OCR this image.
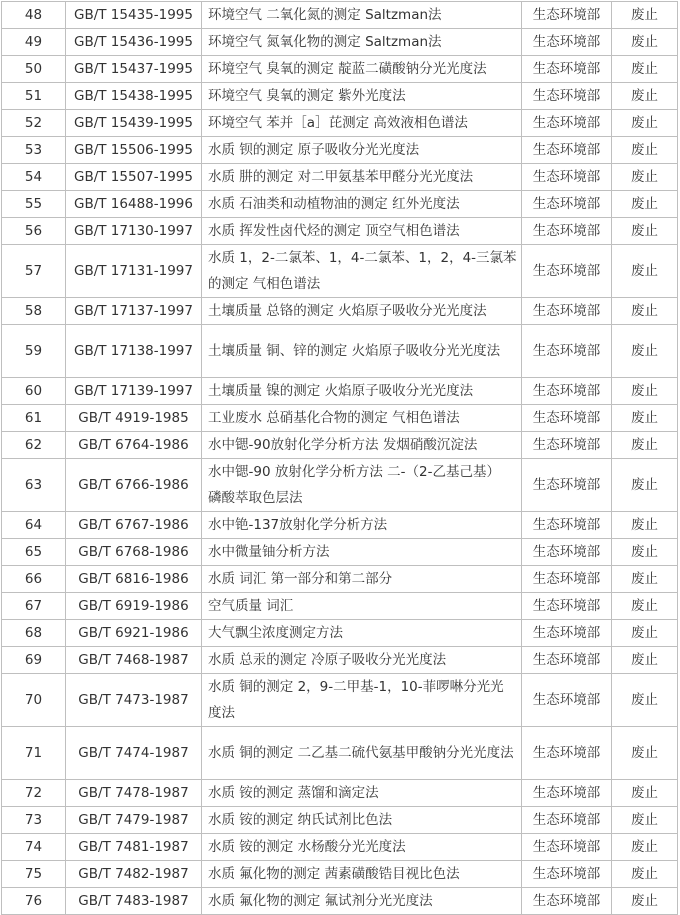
48	GB/T 15435-1995	环境空气 二氧化氮的测定 Saltzman法	生态环境部	废止
49	GB/T 15436-1995	环境空气 氮氧化物的测定 Saltzman法	生态环境部	废止
50	GB/T 15437-1995	环境空气 臭氧的测定 靛蓝二磺酸钠分光光度法	生态环境部	废止
51	GB/T 15438-1995	环境空气 臭氧的测定 紫外光度法	生态环境部	废止
52	GB/T 15439-1995	环境空气 苯并［a］芘测定 高效液相色谱法	生态环境部	废止
53	GB/T 15506-1995	水质 钡的测定 原子吸收分光光度法	生态环境部	废止
54	GB/T 15507-1995	水质 肼的测定 对二甲氨基苯甲醛分光光度法	生态环境部	废止
55	GB/T 16488-1996	水质 石油类和动植物油的测定 红外光度法	生态环境部	废止
56	GB/T 17130-1997	水质 挥发性卤代烃的测定 顶空气相色谱法	生态环境部	废止
57	GB/T 17131-1997	水质 1，2-二氯苯、1，4-二氯苯、1，2，4-三氯苯的测定 气相色谱法	生态环境部	废止
58	GB/T 17137-1997	土壤质量 总铬的测定 火焰原子吸收分光光度法	生态环境部	废止
59	GB/T 17138-1997	土壤质量 铜、锌的测定 火焰原子吸收分光光度法	生态环境部	废止
60	GB/T 17139-1997	土壤质量 镍的测定 火焰原子吸收分光光度法	生态环境部	废止
61	GB/T 4919-1985	工业废水 总硝基化合物的测定 气相色谱法	生态环境部	废止
62	GB/T 6764-1986	水中锶-90放射化学分析方法 发烟硝酸沉淀法	生态环境部	废止
63	GB/T 6766-1986	水中锶-90 放射化学分析方法 二-（2-乙基己基） 磷酸萃取色层法	生态环境部	废止
64	GB/T 6767-1986	水中铯-137放射化学分析方法	生态环境部	废止
65	GB/T 6768-1986	水中微量铀分析方法	生态环境部	废止
66	GB/T 6816-1986	水质 词汇 第一部分和第二部分	生态环境部	废止
67	GB/T 6919-1986	空气质量 词汇	生态环境部	废止
68	GB/T 6921-1986	大气飘尘浓度测定方法	生态环境部	废止
69	GB/T 7468-1987	水质 总汞的测定 冷原子吸收分光光度法	生态环境部	废止
70	GB/T 7473-1987	水质 铜的测定 2，9-二甲基-1，10-菲啰啉分光光度法	生态环境部	废止
71	GB/T 7474-1987	水质 铜的测定 二乙基二硫代氨基甲酸钠分光光度法	生态环境部	废止
72	GB/T 7478-1987	水质 铵的测定 蒸馏和滴定法	生态环境部	废止
73	GB/T 7479-1987	水质 铵的测定 纳氏试剂比色法	生态环境部	废止
74	GB/T 7481-1987	水质 铵的测定 水杨酸分光光度法	生态环境部	废止
75	GB/T 7482-1987	水质 氟化物的测定 茜素磺酸锆目视比色法	生态环境部	废止
76	GB/T 7483-1987	水质 氟化物的测定 氟试剂分光光度法	生态环境部	废止
